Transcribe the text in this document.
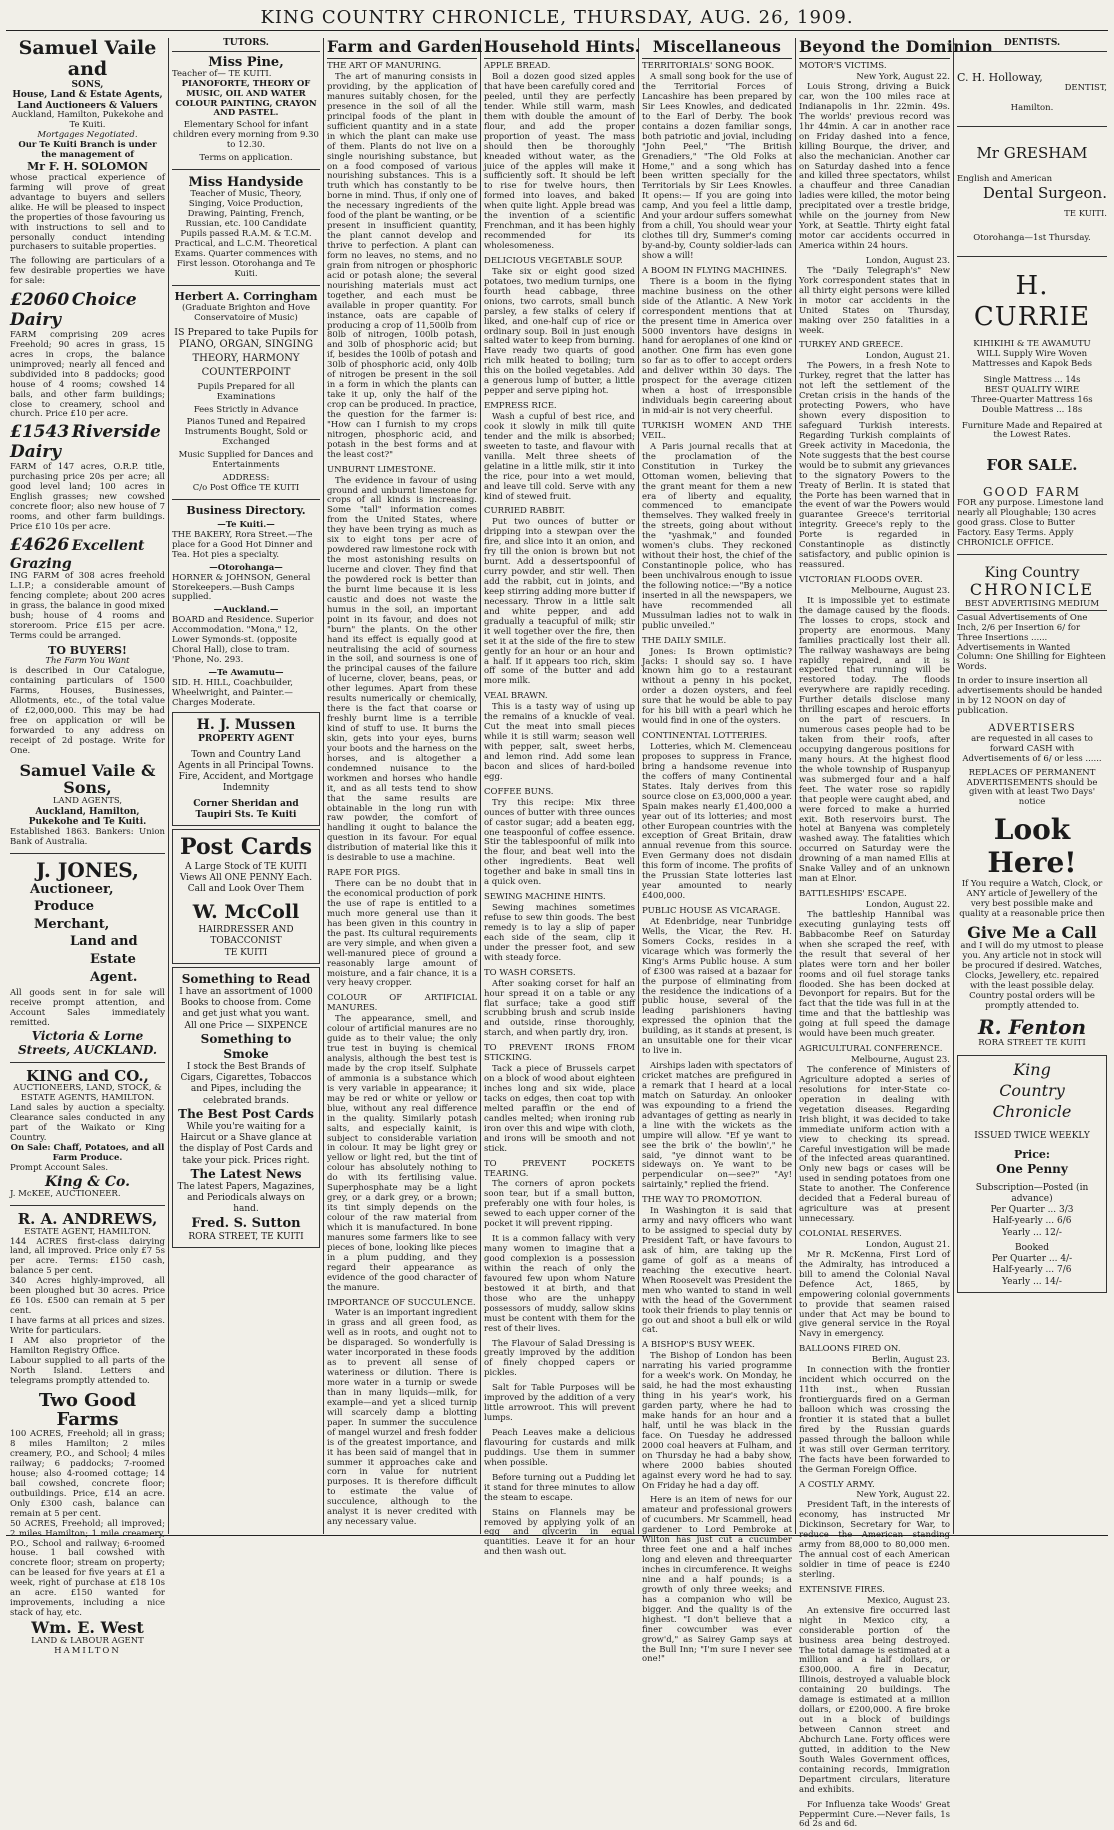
KING COUNTRY CHRONICLE, THURSDAY, AUG. 26, 1909.
Samuel Vaile and
SONS,
House, Land & Estate Agents, Land Auctioneers & Valuers
Auckland, Hamilton, Pukekohe and Te Kuiti.
Mortgages Negotiated.
Our Te Kuiti Branch is under the management of
Mr F. H. SOLOMON

whose practical experience of farming will prove of great advantage to buyers and sellers alike. He will be pleased to inspect the properties of those favouring us with instructions to sell and to personally conduct intending purchasers to suitable properties.

The following are particulars of a few desirable properties we have for sale:

£2060 Choice Dairy

FARM comprising 209 acres Freehold; 90 acres in grass, 15 acres in crops, the balance unimproved; nearly all fenced and subdivided into 8 paddocks; good house of 4 rooms; cowshed 14 bails, and other farm buildings; close to creamery, school and church. Price £10 per acre.

£1543 Riverside Dairy

FARM of 147 acres, O.R.P. title, purchasing price 20s per acre; all good level land; 100 acres in English grasses; new cowshed concrete floor; also new house of 7 rooms, and other farm buildings. Price £10 10s per acre.

£4626 Excellent Grazing

ING FARM of 308 acres freehold L.I.P.; a considerable amount of fencing complete; about 200 acres in grass, the balance in good mixed bush; house of 4 rooms and storeroom. Price £15 per acre. Terms could be arranged.

TO BUYERS!
The Farm You Want

is described in Our Catalogue, containing particulars of 1500 Farms, Houses, Businesses, Allotments, etc., of the total value of £2,000,000. This may be had free on application or will be forwarded to any address on receipt of 2d postage. Write for One.

Samuel Vaile & Sons,
LAND AGENTS,
Auckland, Hamilton, Pukekohe and Te Kuiti.

Established 1863. Bankers: Union Bank of Australia.

J. JONES,
Auctioneer,
Produce Merchant,
Land and
Estate Agent.

All goods sent in for sale will receive prompt attention, and Account Sales immediately remitted.

Victoria & Lorne Streets, AUCKLAND.
KING and CO.,
AUCTIONEERS, LAND, STOCK, & ESTATE AGENTS, HAMILTON.

Land sales by auction a specialty. Clearance sales conducted in any part of the Waikato or King Country.

On Sale: Chaff, Potatoes, and all Farm Produce.
Prompt Account Sales.
King & Co.
J. McKEE, AUCTIONEER.
R. A. ANDREWS,
ESTATE AGENT, HAMILTON.

144 ACRES first-class dairying land, all improved. Price only £7 5s per acre. Terms: £150 cash, balance 5 per cent.

340 Acres highly-improved, all been ploughed but 30 acres. Price £6 10s. £500 can remain at 5 per cent.

I have farms at all prices and sizes. Write for particulars.

I AM also proprietor of the Hamilton Registry Office.

Labour supplied to all parts of the North Island. Letters and telegrams promptly attended to.

Two Good Farms

100 ACRES, Freehold; all in grass; 8 miles Hamilton; 2 miles creamery, P.O., and School; 4 miles railway; 6 paddocks; 7-roomed house; also 4-roomed cottage; 14 bail cowshed, concrete floor; outbuildings. Price, £14 an acre. Only £300 cash, balance can remain at 5 per cent.

50 ACRES, Freehold; all improved; 2 miles Hamilton; 1 mile creamery, P.O., School and railway; 6-roomed house. 1 bail cowshed with concrete floor; stream on property; can be leased for five years at £1 a week, right of purchase at £18 10s an acre. £150 wanted for improvements, including a nice stack of hay, etc.

Wm. E. West
LAND & LABOUR AGENT
HAMILTON
TUTORS.
Miss Pine,
Teacher of— TE KUITI.
PIANOFORTE, THEORY OF MUSIC, OIL AND WATER COLOUR PAINTING, CRAYON AND PASTEL.
Elementary School for infant children every morning from 9.30 to 12.30.
Terms on application.
Miss Handyside
Teacher of Music, Theory, Singing, Voice Production, Drawing, Painting, French, Russian, etc. 100 Candidate Pupils passed R.A.M. & T.C.M. Practical, and L.C.M. Theoretical Exams. Quarter commences with First lesson. Otorohanga and Te Kuiti.
Herbert A. Corringham
(Graduate Brighton and Hove Conservatoire of Music)
IS Prepared to take Pupils for
PIANO, ORGAN, SINGING THEORY, HARMONY COUNTERPOINT
Pupils Prepared for all Examinations
Fees Strictly in Advance
Pianos Tuned and Repaired Instruments Bought, Sold or Exchanged
Music Supplied for Dances and Entertainments
ADDRESS:
C/o Post Office TE KUITI
Business Directory.
—Te Kuiti.—

THE BAKERY, Rora Street.—The place for a Good Hot Dinner and Tea. Hot pies a specialty.

—Otorohanga—

HORNER & JOHNSON, General Storekeepers.—Bush Camps supplied.

—Auckland.—

BOARD and Residence. Superior Accommodation. "Mona," 12, Lower Symonds-st. (opposite Choral Hall), close to tram. 'Phone, No. 293.

—Te Awamutu—

SID. H. HILL, Coachbuilder, Wheelwright, and Painter.—Charges Moderate.

H. J. Mussen
PROPERTY AGENT
Town and Country Land Agents in all Principal Towns. Fire, Accident, and Mortgage Indemnity
Corner Sheridan and Taupiri Sts. Te Kuiti
Post Cards
A Large Stock of TE KUITI Views All ONE PENNY Each. Call and Look Over Them
W. McColl
HAIRDRESSER AND TOBACCONIST
TE KUITI
Something to Read
I have an assortment of 1000 Books to choose from. Come and get just what you want. All one Price — SIXPENCE
Something to Smoke
I stock the Best Brands of Cigars, Cigarettes, Tobaccos and Pipes, including the celebrated brands.
The Best Post Cards
While you're waiting for a Haircut or a Shave glance at the display of Post Cards and take your pick. Prices right.
The Latest News
The latest Papers, Magazines, and Periodicals always on hand.
Fred. S. Sutton
RORA STREET, TE KUITI
Farm and Garden
THE ART OF MANURING.

The art of manuring consists in providing, by the application of manures suitably chosen, for the presence in the soil of all the principal foods of the plant in sufficient quantity and in a state in which the plant can make use of them. Plants do not live on a single nourishing substance, but on a food composed of various nourishing substances. This is a truth which has constantly to be borne in mind. Thus, if only one of the necessary ingredients of the food of the plant be wanting, or be present in insufficient quantity, the plant cannot develop and thrive to perfection. A plant can form no leaves, no stems, and no grain from nitrogen or phosphoric acid or potash alone; the several nourishing materials must act together, and each must be available in proper quantity. For instance, oats are capable of producing a crop of 11,500lb from 80lb of nitrogen, 100lb potash, and 30lb of phosphoric acid; but if, besides the 100lb of potash and 30lb of phosphoric acid, only 40lb of nitrogen be present in the soil in a form in which the plants can take it up, only the half of the crop can be produced. In practice, the question for the farmer is: "How can I furnish to my crops nitrogen, phosphoric acid, and potash in the best forms and at the least cost?"

UNBURNT LIMESTONE.

The evidence in favour of using ground and unburnt limestone for crops of all kinds is increasing. Some "tall" information comes from the United States, where they have been trying as much as six to eight tons per acre of powdered raw limestone rock with the most astonishing results on lucerne and clover. They find that the powdered rock is better than the burnt lime because it is less caustic and does not waste the humus in the soil, an important point in its favour, and does not "burn" the plants. On the other hand its effect is equally good at neutralising the acid of sourness in the soil, and sourness is one of the principal causes of the failure of lucerne, clover, beans, peas, or other legumes. Apart from these results numerically or chemically, there is the fact that coarse or freshly burnt lime is a terrible kind of stuff to use. It burns the skin, gets into your eyes, burns your boots and the harness on the horses, and is altogether a condemned nuisance to the workmen and horses who handle it, and as all tests tend to show that the same results are obtainable in the long run with raw powder, the comfort of handling it ought to balance the question in its favour. For equal distribution of material like this it is desirable to use a machine.

RAPE FOR PIGS.

There can be no doubt that in the economical production of pork the use of rape is entitled to a much more general use than it has been given in this country in the past. Its cultural requirements are very simple, and when given a well-manured piece of ground a reasonably large amount of moisture, and a fair chance, it is a very heavy cropper.

COLOUR OF ARTIFICIAL MANURES.

The appearance, smell, and colour of artificial manures are no guide as to their value; the only true test in buying is chemical analysis, although the best test is made by the crop itself. Sulphate of ammonia is a substance which is very variable in appearance; it may be red or white or yellow or blue, without any real difference in the quality. Similarly potash salts, and especially kainit, is subject to considerable variation in colour. It may be light grey or yellow or light red, but the tint of colour has absolutely nothing to do with its fertilising value. Superphosphate may be a light grey, or a dark grey, or a brown; its tint simply depends on the colour of the raw material from which it is manufactured. In bone manures some farmers like to see pieces of bone, looking like pieces in a plum pudding, and they regard their appearance as evidence of the good character of the manure.

IMPORTANCE OF SUCCULENCE.

Water is an important ingredient in grass and all green food, as well as in roots, and ought not to be disparaged. So wonderfully is water incorporated in these foods as to prevent all sense of wateriness or dilution. There is more water in a turnip or swede than in many liquids—milk, for example—and yet a sliced turnip will scarcely damp a blotting paper. In summer the succulence of mangel wurzel and fresh fodder is of the greatest importance, and it has been said of mangel that in summer it approaches cake and corn in value for nutrient purposes. It is therefore difficult to estimate the value of succulence, although to the analyst it is never credited with any necessary value.

Household Hints.
APPLE BREAD.

Boil a dozen good sized apples that have been carefully cored and peeled, until they are perfectly tender. While still warm, mash them with double the amount of flour, and add the proper proportion of yeast. The mass should then be thoroughly kneaded without water, as the juice of the apples will make it sufficiently soft. It should be left to rise for twelve hours, then formed into loaves, and baked when quite light. Apple bread was the invention of a scientific Frenchman, and it has been highly recommended for its wholesomeness.

DELICIOUS VEGETABLE SOUP.

Take six or eight good sized potatoes, two medium turnips, one fourth head cabbage, three onions, two carrots, small bunch parsley, a few stalks of celery if liked, and one-half cup of rice or ordinary soup. Boil in just enough salted water to keep from burning. Have ready two quarts of good rich milk heated to boiling; turn this on the boiled vegetables. Add a generous lump of butter, a little pepper and serve piping hot.

EMPRESS RICE.

Wash a cupful of best rice, and cook it slowly in milk till quite tender and the milk is absorbed; sweeten to taste, and flavour with vanilla. Melt three sheets of gelatine in a little milk, stir it into the rice, pour into a wet mould, and leave till cold. Serve with any kind of stewed fruit.

CURRIED RABBIT.

Put two ounces of butter or dripping into a stewpan over the fire, and slice into it an onion, and fry till the onion is brown but not burnt. Add a dessertspoonful of curry powder, and stir well. Then add the rabbit, cut in joints, and keep stirring adding more butter if necessary. Throw in a little salt and white pepper, and add gradually a teacupful of milk; stir it well together over the fire, then set it at the side of the fire to stew gently for an hour or an hour and a half. If it appears too rich, skim off some of the butter and add more milk.

VEAL BRAWN.

This is a tasty way of using up the remains of a knuckle of veal. Cut the meat into small pieces while it is still warm; season well with pepper, salt, sweet herbs, and lemon rind. Add some lean bacon and slices of hard-boiled egg.

COFFEE BUNS.

Try this recipe: Mix three ounces of butter with three ounces of castor sugar; add a beaten egg, one teaspoonful of coffee essence. Stir the tablespoonful of milk into the flour, and beat well into the other ingredients. Beat well together and bake in small tins in a quick oven.

SEWING MACHINE HINTS.

Sewing machines sometimes refuse to sew thin goods. The best remedy is to lay a slip of paper each side of the seam, clip it under the presser foot, and sew with steady force.

TO WASH CORSETS.

After soaking corset for half an hour spread it on a table or any flat surface; take a good stiff scrubbing brush and scrub inside and outside, rinse thoroughly, starch, and when partly dry, iron.

TO PREVENT IRONS FROM STICKING.

Tack a piece of Brussels carpet on a block of wood about eighteen inches long and six wide, place tacks on edges, then coat top with melted paraffin or the end of candles melted; when ironing rub iron over this and wipe with cloth, and irons will be smooth and not stick.

TO PREVENT POCKETS TEARING.

The corners of apron pockets soon tear, but if a small button, preferably one with four holes, is sewed to each upper corner of the pocket it will prevent ripping.

It is a common fallacy with very many women to imagine that a good complexion is a possession within the reach of only the favoured few upon whom Nature bestowed it at birth, and that those who are the unhappy possessors of muddy, sallow skins must be content with them for the rest of their lives.

The Flavour of Salad Dressing is greatly improved by the addition of finely chopped capers or pickles.

Salt for Table Purposes will be improved by the addition of a very little arrowroot. This will prevent lumps.

Peach Leaves make a delicious flavouring for custards and milk puddings. Use them in summer when possible.

Before turning out a Pudding let it stand for three minutes to allow the steam to escape.

Stains on Flannels may be removed by applying yolk of an egg and glycerin in equal quantities. Leave it for an hour and then wash out.

Miscellaneous
TERRITORIALS' SONG BOOK.

A small song book for the use of the Territorial Forces of Lancashire has been prepared by Sir Lees Knowles, and dedicated to the Earl of Derby. The book contains a dozen familiar songs, both patriotic and jovial, including "John Peel," "The British Grenadiers," "The Old Folks at Home," and a song which has been written specially for the Territorials by Sir Lees Knowles. It opens:— If you are going into camp, And you feel a little damp, And your ardour suffers somewhat from a chill, You should wear your clothes till dry, Summer's coming by-and-by, County soldier-lads can show a will!

A BOOM IN FLYING MACHINES.

There is a boom in the flying machine business on the other side of the Atlantic. A New York correspondent mentions that at the present time in America over 5000 inventors have designs in hand for aeroplanes of one kind or another. One firm has even gone so far as to offer to accept orders and deliver within 30 days. The prospect for the average citizen when a host of irresponsible individuals begin careering about in mid-air is not very cheerful.

TURKISH WOMEN AND THE VEIL.

A Paris journal recalls that at the proclamation of the Constitution in Turkey the Ottoman women, believing that the grant meant for them a new era of liberty and equality, commenced to emancipate themselves. They walked freely in the streets, going about without the "yashmak," and founded women's clubs. They reckoned without their host, the chief of the Constantinople police, who has been unchivalrous enough to issue the following notice:—"By a notice inserted in all the newspapers, we have recommended all Mussulman ladies not to walk in public unveiled."

THE DAILY SMILE.

Jones: Is Brown optimistic? Jacks: I should say so. I have known him go to a restaurant without a penny in his pocket, order a dozen oysters, and feel sure that he would be able to pay for his bill with a pearl which he would find in one of the oysters.

CONTINENTAL LOTTERIES.

Lotteries, which M. Clemenceau proposes to suppress in France, bring a handsome revenue into the coffers of many Continental States. Italy derives from this source close on £3,000,000 a year. Spain makes nearly £1,400,000 a year out of its lotteries; and most other European countries with the exception of Great Britain, draw annual revenue from this source. Even Germany does not disdain this form of income. The profits of the Prussian State lotteries last year amounted to nearly £400,000.

PUBLIC HOUSE AS VICARAGE.

At Edenbridge, near Tunbridge Wells, the Vicar, the Rev. H. Somers Cocks, resides in a vicarage which was formerly the King's Arms Public house. A sum of £300 was raised at a bazaar for the purpose of eliminating from the residence the indications of a public house, several of the leading parishioners having expressed the opinion that the building, as it stands at present, is an unsuitable one for their vicar to live in.

Airships laden with spectators of cricket matches are prefigured in a remark that I heard at a local match on Saturday. An onlooker was expounding to a friend the advantages of getting as nearly in a line with the wickets as the umpire will allow. "Ef ye want to see the brik o' the bowlin'," he said, "ye dinnot want to be sideways on. Ye want to be perpendicular on—see?" "Ay! sairtainly," replied the friend.

THE WAY TO PROMOTION.

In Washington it is said that army and navy officers who want to be assigned to special duty by President Taft, or have favours to ask of him, are taking up the game of golf as a means of reaching the executive heart. When Roosevelt was President the men who wanted to stand in well with the head of the Government took their friends to play tennis or go out and shoot a bull elk or wild cat.

A BISHOP'S BUSY WEEK.

The Bishop of London has been narrating his varied programme for a week's work. On Monday, he said, he had the most exhausting thing in his year's work, his garden party, where he had to make hands for an hour and a half, until he was black in the face. On Tuesday he addressed 2000 coal heavers at Fulham, and on Thursday he had a baby show, where 2000 babies shouted against every word he had to say. On Friday he had a day off.

Here is an item of news for our amateur and professional growers of cucumbers. Mr Scammell, head gardener to Lord Pembroke at Wilton has just cut a cucumber three feet one and a half inches long and eleven and threequarter inches in circumference. It weighs nine and a half pounds; is a growth of only three weeks; and has a companion who will be bigger. And the quality is of the highest. "I don't believe that a finer cowcumber was ever grow'd," as Sairey Gamp says at the Bull Inn; "I'm sure I never see one!"

Beyond the Dominion
MOTOR'S VICTIMS.
New York, August 22.

Louis Strong, driving a Buick car, won the 100 miles race at Indianapolis in 1hr. 22min. 49s. The worlds' previous record was 1hr 44min. A car in another race on Friday dashed into a fence, killing Bourque, the driver, and also the mechanician. Another car on Saturday dashed into a fence and killed three spectators, whilst a chauffeur and three Canadian ladies were killed, the motor being precipitated over a trestle bridge, while on the journey from New York, at Seattle. Thirty eight fatal motor car accidents occurred in America within 24 hours.

London, August 23.

The "Daily Telegraph's" New York correspondent states that in all thirty eight persons were killed in motor car accidents in the United States on Thursday, making over 250 fatalities in a week.

TURKEY AND GREECE.
London, August 21.

The Powers, in a fresh Note to Turkey, regret that the latter has not left the settlement of the Cretan crisis in the hands of the protecting Powers, who have shown every disposition to safeguard Turkish interests. Regarding Turkish complaints of Greek activity in Macedonia, the Note suggests that the best course would be to submit any grievances to the signatory Powers to the Treaty of Berlin. It is stated that the Porte has been warned that in the event of war the Powers would guarantee Greece's territorial integrity. Greece's reply to the Porte is regarded in Constantinople as distinctly satisfactory, and public opinion is reassured.

VICTORIAN FLOODS OVER.
Melbourne, August 23.

It is impossible yet to estimate the damage caused by the floods. The losses to crops, stock and property are enormous. Many families practically lost their all. The railway washaways are being rapidly repaired, and it is expected that running will be restored today. The floods everywhere are rapidly receding. Further details disclose many thrilling escapes and heroic efforts on the part of rescuers. In numerous cases people had to be taken from their roofs, after occupying dangerous positions for many hours. At the highest flood the whole township of Ruspanyup was submerged four and a half feet. The water rose so rapidly that people were caught abed, and were forced to make a hurried exit. Both reservoirs burst. The hotel at Banyena was completely washed away. The fatalities which occurred on Saturday were the drowning of a man named Ellis at Snake Valley and of an unknown man at Elnor.

BATTLESHIPS' ESCAPE.
London, August 22.

The battleship Hannibal was executing gunlaying tests off Babbacombe Reef on Saturday when she scraped the reef, with the result that several of her plates were torn and her boiler rooms and oil fuel storage tanks flooded. She has been docked at Devonport for repairs. But for the fact that the tide was full in at the time and that the battleship was going at full speed the damage would have been much greater.

AGRICULTURAL CONFERENCE.
Melbourne, August 23.

The conference of Ministers of Agriculture adopted a series of resolutions for inter-State co-operation in dealing with vegetation diseases. Regarding Irish blight, it was decided to take immediate uniform action with a view to checking its spread. Careful investigation will be made of the infected areas quarantined. Only new bags or cases will be used in sending potatoes from one State to another. The Conference decided that a Federal bureau of agriculture was at present unnecessary.

COLONIAL RESERVES.
London, August 21.

Mr R. McKenna, First Lord of the Admiralty, has introduced a bill to amend the Colonial Naval Defence Act, 1865, by empowering colonial governments to provide that seamen raised under that Act may be bound to give general service in the Royal Navy in emergency.

BALLOONS FIRED ON.
Berlin, August 23.

In connection with the frontier incident which occurred on the 11th inst., when Russian frontierguards fired on a German balloon which was crossing the frontier it is stated that a bullet fired by the Russian guards passed through the balloon while it was still over German territory. The facts have been forwarded to the German Foreign Office.

A COSTLY ARMY.
New York, August 22.

President Taft, in the interests of economy, has instructed Mr Dickinson, Secretary for War, to reduce the American standing army from 88,000 to 80,000 men. The annual cost of each American soldier in time of peace is £240 sterling.

EXTENSIVE FIRES.
Mexico, August 23.

An extensive fire occurred last night in Mexico city, a considerable portion of the business area being destroyed. The total damage is estimated at a million and a half dollars, or £300,000. A fire in Decatur, Illinois, destroyed a valuable block containing 20 buildings. The damage is estimated at a million dollars, or £200,000. A fire broke out in a block of buildings between Cannon street and Abchurch Lane. Forty offices were gutted, in addition to the New South Wales Government offices, containing records, Immigration Department circulars, literature and exhibits.

For Influenza take Woods' Great Peppermint Cure.—Never fails, 1s 6d 2s and 6d.

DENTISTS.
C. H. Holloway,
DENTIST,
Hamilton.
Mr GRESHAM
English and American
Dental Surgeon.
TE KUITI.
Otorohanga—1st Thursday.
H. CURRIE
KIHIKIHI & TE AWAMUTU
WILL Supply Wire Woven Mattresses and Kapok Beds
Single Mattress ... 14s
BEST QUALITY WIRE
Three-Quarter Mattress 16s
Double Mattress ... 18s
Furniture Made and Repaired at the Lowest Rates.
FOR SALE.
GOOD FARM

FOR any purpose. Limestone land nearly all Ploughable; 130 acres good grass. Close to Butter Factory. Easy Terms. Apply CHRONICLE OFFICE.

King Country
CHRONICLE
BEST ADVERTISING MEDIUM

Casual Advertisements of One Inch, 2/6 per Insertion 6/ for Three Insertions ...... Advertisements in Wanted Column: One Shilling for Eighteen Words.

In order to insure insertion all advertisements should be handed in by 12 NOON on day of publication.

ADVERTISERS

are requested in all cases to forward CASH with Advertisements of 6/ or less ......

REPLACES OF PERMANENT ADVERTISEMENTS should be given with at least Two Days' notice

Look Here!

If You require a Watch, Clock, or ANY article of Jewellery of the very best possible make and quality at a reasonable price then

Give Me a Call

and I will do my utmost to please you. Any article not in stock will be procured if desired. Watches, Clocks, Jewellery, etc. repaired with the least possible delay. Country postal orders will be promptly attended to.

R. Fenton
RORA STREET TE KUITI
King
Country
Chronicle
ISSUED TWICE WEEKLY
Price:
One Penny
Subscription—Posted (in advance)
Per Quarter ... 3/3
Half-yearly ... 6/6
Yearly ... 12/-
Booked
Per Quarter ... 4/-
Half-yearly ... 7/6
Yearly ... 14/-
